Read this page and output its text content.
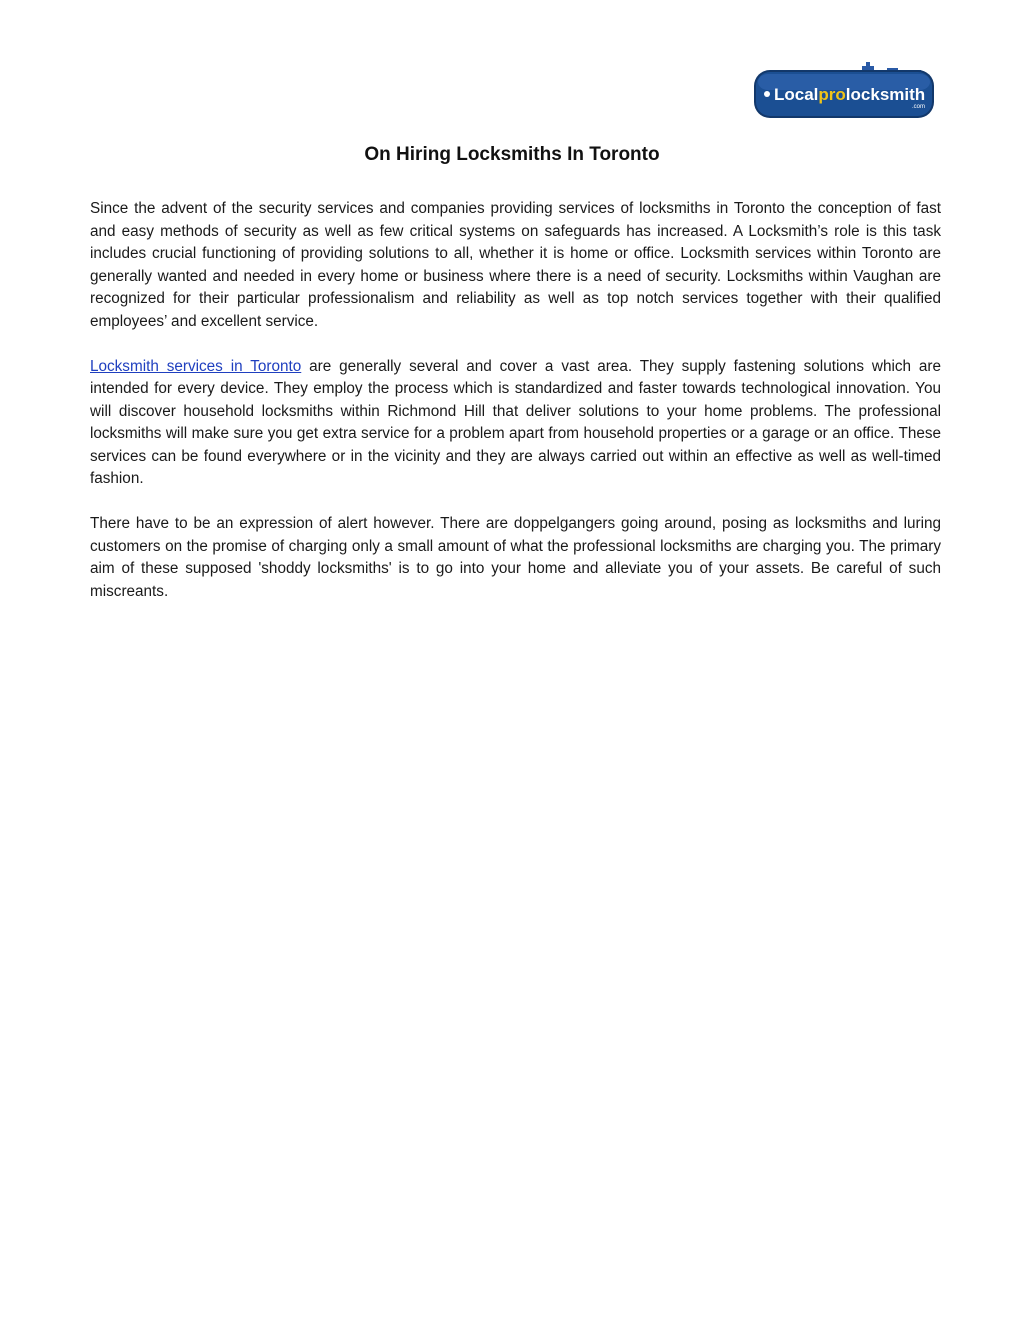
Localprolocksmith
.com
On Hiring Locksmiths In Toronto

Since the advent of the security services and companies providing services of locksmiths in Toronto the conception of fast and easy methods of security as well as few critical systems on safeguards has increased. A Locksmith’s role is this task includes crucial functioning of providing solutions to all, whether it is home or office. Locksmith services within Toronto are generally wanted and needed in every home or business where there is a need of security. Locksmiths within Vaughan are recognized for their particular professionalism and reliability as well as top notch services together with their qualified employees’ and excellent service.

Locksmith services in Toronto are generally several and cover a vast area. They supply fastening solutions which are intended for every device. They employ the process which is standardized and faster towards technological innovation. You will discover household locksmiths within Richmond Hill that deliver solutions to your home problems. The professional locksmiths will make sure you get extra service for a problem apart from household properties or a garage or an office. These services can be found everywhere or in the vicinity and they are always carried out within an effective as well as well-timed fashion.

There have to be an expression of alert however. There are doppelgangers going around, posing as locksmiths and luring customers on the promise of charging only a small amount of what the professional locksmiths are charging you. The primary aim of these supposed 'shoddy locksmiths' is to go into your home and alleviate you of your assets. Be careful of such miscreants.
